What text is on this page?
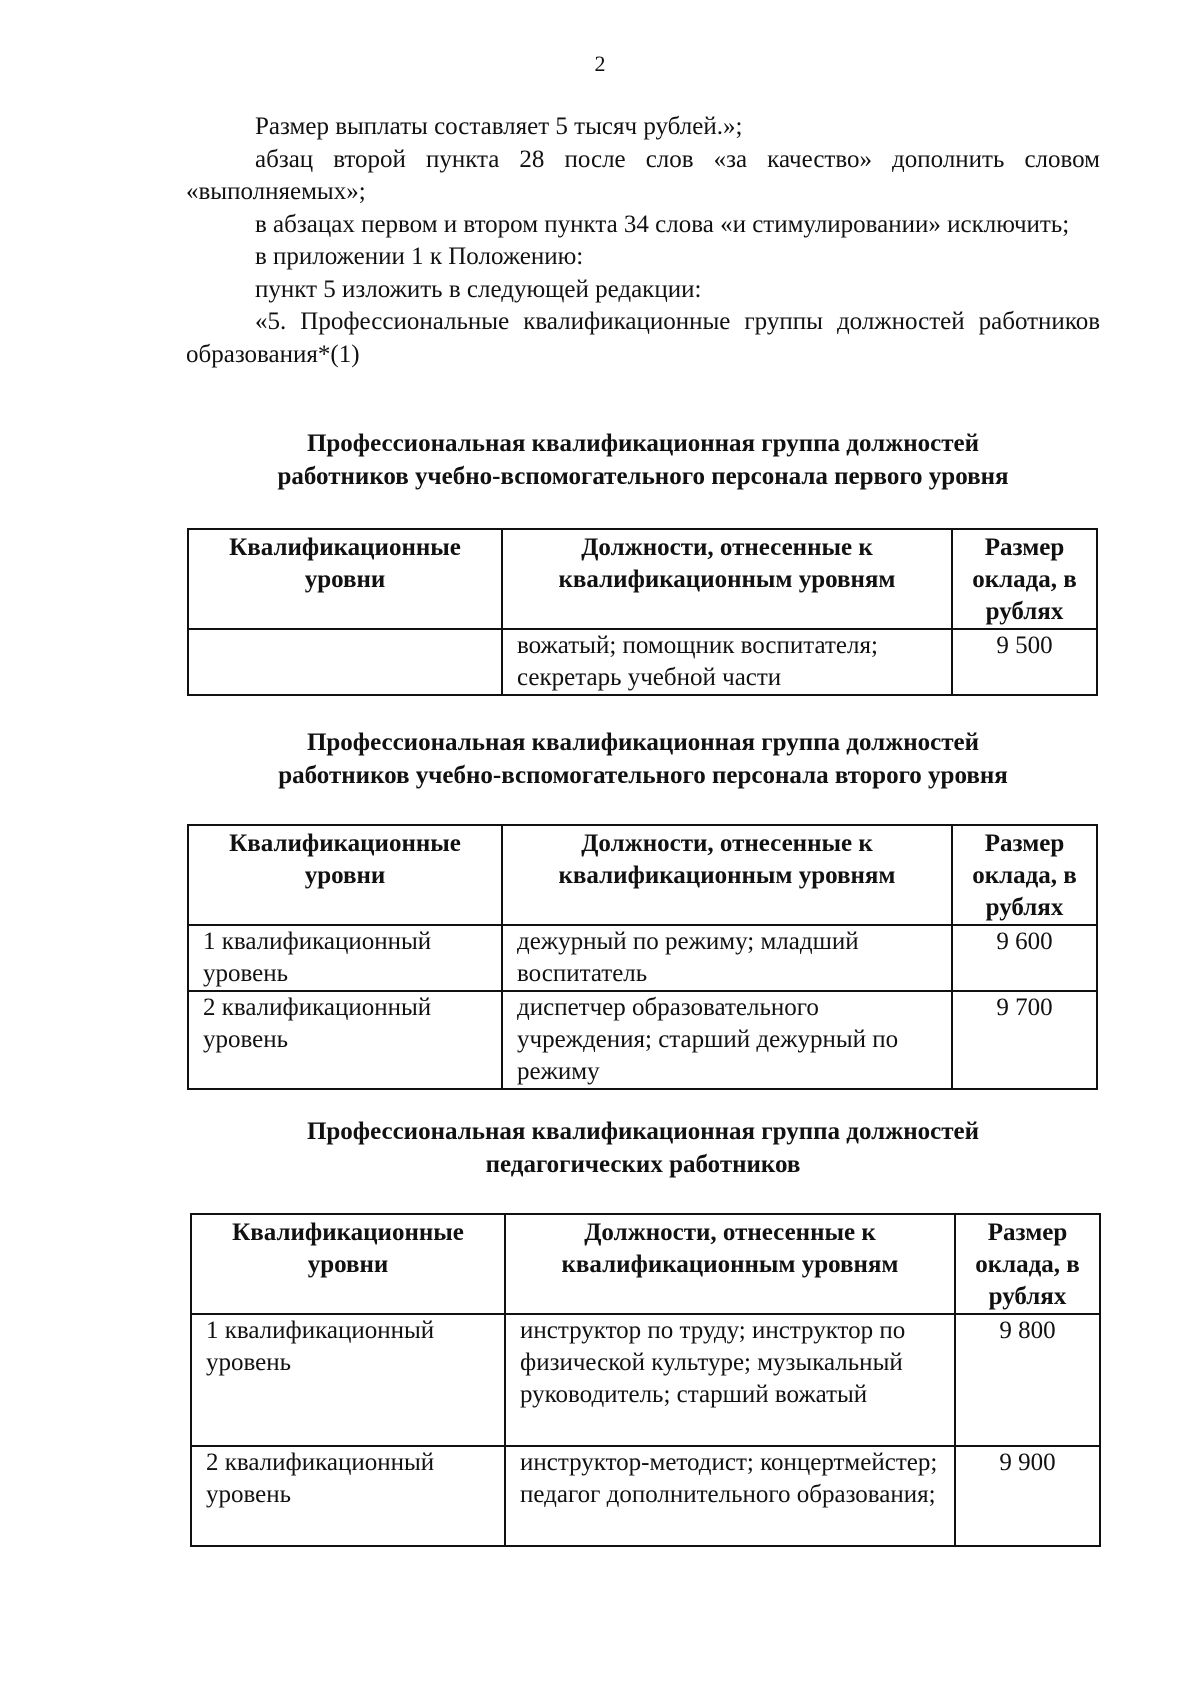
2

Размер выплаты составляет 5 тысяч рублей.»;

абзац второй пункта 28 после слов «за качество» дополнить словом «выполняемых»;

в абзацах первом и втором пункта 34 слова «и стимулировании» исключить;

в приложении 1 к Положению:

пункт 5 изложить в следующей редакции:

«5. Профессиональные квалификационные группы должностей работников образования*(1)

Профессиональная квалификационная группа должностей
работников учебно-вспомогательного персонала первого уровня
Квалификационные уровни	Должности, отнесенные к квалификационным уровням	Размер оклада, в рублях
	вожатый; помощник воспитателя; секретарь учебной части	9 500
Профессиональная квалификационная группа должностей
работников учебно-вспомогательного персонала второго уровня
Квалификационные уровни	Должности, отнесенные к квалификационным уровням	Размер оклада, в рублях
1 квалификационный уровень	дежурный по режиму; младший воспитатель	9 600
2 квалификационный уровень	диспетчер образовательного учреждения; старший дежурный по режиму	9 700
Профессиональная квалификационная группа должностей
педагогических работников
Квалификационные уровни	Должности, отнесенные к квалификационным уровням	Размер оклада, в рублях
1 квалификационный уровень	инструктор по труду; инструктор по физической культуре; музыкальный руководитель; старший вожатый	9 800
2 квалификационный уровень	инструктор-методист; концертмейстер; педагог дополнительного образования;	9 900
